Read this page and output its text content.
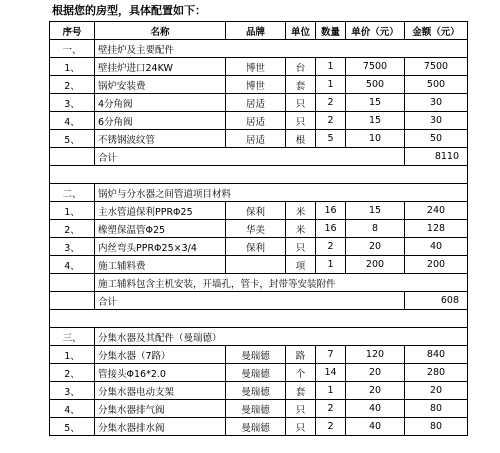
根据您的房型，具体配置如下：
序号	名称	品牌	单位	数量	单价（元）	金额（元）
一、	壁挂炉及主要配件					
1、	壁挂炉进口24KW	博世	台	1	7500	7500
2、	锅炉安装费	博世	套	1	500	500
3、	4分角阀	居适	只	2	15	30
4、	6分角阀	居适	只	2	15	30
5、	不锈钢波纹管	居适	根	5	10	50
	合计					8110

二、	锅炉与分水器之间管道项目材料					
1、	主水管道保利PPRΦ25	保利	米	16	15	240
2、	橡塑保温管Φ25	华美	米	16	8	128
3、	内丝弯头PPRΦ25×3/4	保利	只	2	20	40
4、	施工辅料费		项	1	200	200
	施工辅料包含主机安装，开墙孔，管卡，封带等安装附件					
	合计					608

三、	分集水器及其配件（曼瑞德）					
1、	分集水器（7路）	曼瑞德	路	7	120	840
2、	管接头Φ16*2.0	曼瑞德	个	14	20	280
3、	分集水器电动支架	曼瑞德	套	1	20	20
4、	分集水器排气阀	曼瑞德	只	2	40	80
5、	分集水器排水阀	曼瑞德	只	2	40	80
